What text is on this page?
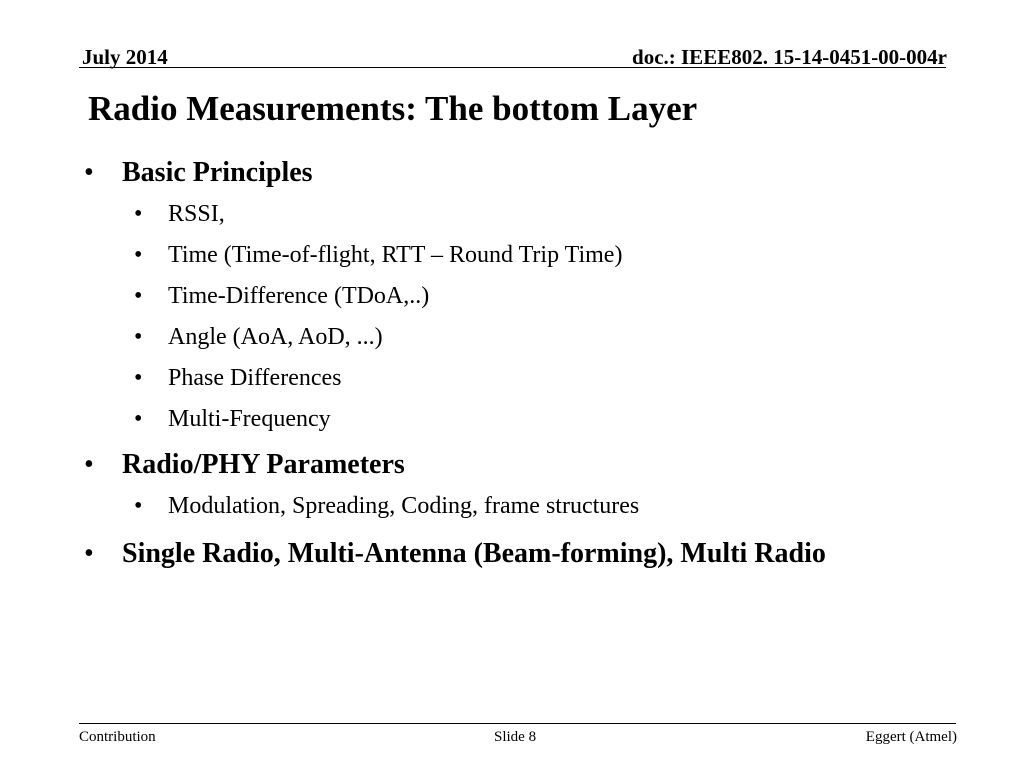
July 2014	doc.: IEEE802. 15-14-0451-00-004r
Radio Measurements: The bottom Layer
• Basic Principles
• RSSI,
• Time (Time-of-flight, RTT – Round Trip Time)
• Time-Difference (TDoA,..)
• Angle (AoA, AoD, ...)
• Phase Differences
• Multi-Frequency
• Radio/PHY Parameters
• Modulation, Spreading, Coding, frame structures
• Single Radio, Multi-Antenna (Beam-forming), Multi Radio
Contribution	Slide 8	Eggert (Atmel)
